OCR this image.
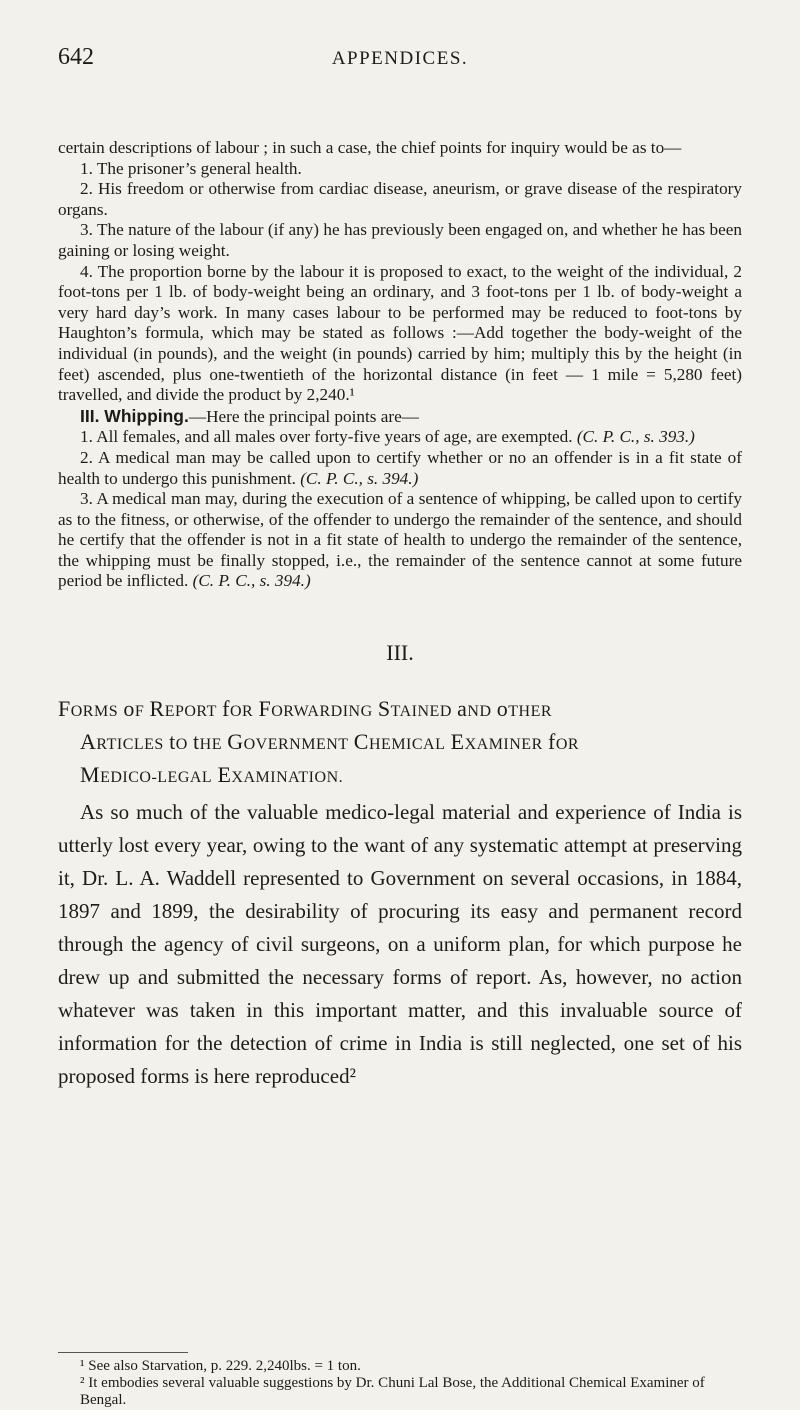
642	APPENDICES.

certain descriptions of labour ; in such a case, the chief points for inquiry would be as to—

1. The prisoner’s general health.

2. His freedom or otherwise from cardiac disease, aneurism, or grave disease of the respiratory organs.

3. The nature of the labour (if any) he has previously been engaged on, and whether he has been gaining or losing weight.

4. The proportion borne by the labour it is proposed to exact, to the weight of the individual, 2 foot-tons per 1 lb. of body-weight being an ordinary, and 3 foot-tons per 1 lb. of body-weight a very hard day’s work. In many cases labour to be performed may be reduced to foot-tons by Haughton’s formula, which may be stated as follows :—Add together the body-weight of the individual (in pounds), and the weight (in pounds) carried by him; multiply this by the height (in feet) ascended, plus one-twentieth of the horizontal distance (in feet — 1 mile = 5,280 feet) travelled, and divide the product by 2,240.¹

III. Whipping.—Here the principal points are—

1. All females, and all males over forty-five years of age, are exempted. (C. P. C., s. 393.)

2. A medical man may be called upon to certify whether or no an offender is in a fit state of health to undergo this punishment. (C. P. C., s. 394.)

3. A medical man may, during the execution of a sentence of whipping, be called upon to certify as to the fitness, or otherwise, of the offender to undergo the remainder of the sentence, and should he certify that the offender is not in a fit state of health to undergo the remainder of the sentence, the whipping must be finally stopped, i.e., the remainder of the sentence cannot at some future period be inflicted. (C. P. C., s. 394.)

III.
FORMS oF REPORT fOR FORWARDING STAINED aND oTHER
ARTICLES tO tHE GOVERNMENT CHEMICAL EXAMINER fOR
MEDICO-LEGAL EXAMINATION.

As so much of the valuable medico-legal material and experience of India is utterly lost every year, owing to the want of any systematic attempt at preserving it, Dr. L. A. Waddell represented to Government on several occasions, in 1884, 1897 and 1899, the desirability of procuring its easy and permanent record through the agency of civil surgeons, on a uniform plan, for which purpose he drew up and submitted the necessary forms of report. As, however, no action whatever was taken in this important matter, and this invaluable source of information for the detection of crime in India is still neglected, one set of his proposed forms is here reproduced²

¹ See also Starvation, p. 229. 2,240lbs. = 1 ton.

² It embodies several valuable suggestions by Dr. Chuni Lal Bose, the Additional Chemical Examiner of Bengal.
